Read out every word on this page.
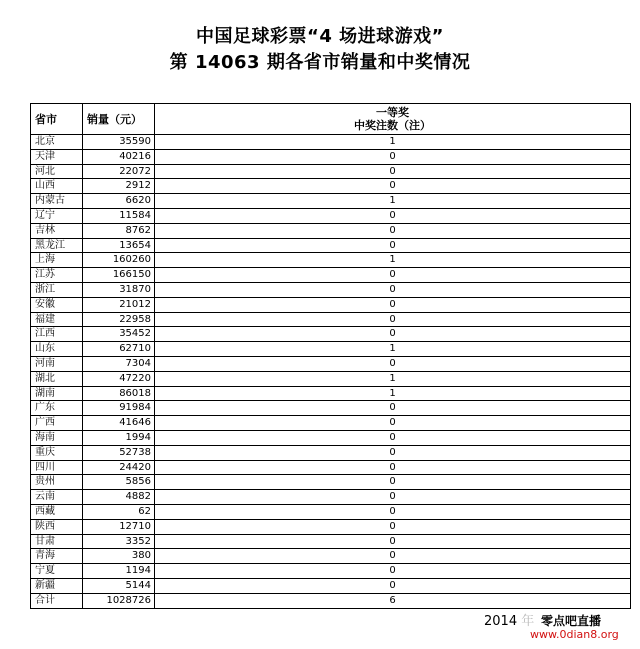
中国足球彩票“4 场进球游戏”
第 14063 期各省市销量和中奖情况
省市	销量（元）	一等奖
中奖注数（注）

北京	35590	1
天津	40216	0
河北	22072	0
山西	2912	0
内蒙古	6620	1
辽宁	11584	0
吉林	8762	0
黑龙江	13654	0
上海	160260	1
江苏	166150	0
浙江	31870	0
安徽	21012	0
福建	22958	0
江西	35452	0
山东	62710	1
河南	7304	0
湖北	47220	1
湖南	86018	1
广东	91984	0
广西	41646	0
海南	1994	0
重庆	52738	0
四川	24420	0
贵州	5856	0
云南	4882	0
西藏	62	0
陕西	12710	0
甘肃	3352	0
青海	380	0
宁夏	1194	0
新疆	5144	0
合计	1028726	6
2014 年 零点吧直播
www.0dian8.org
